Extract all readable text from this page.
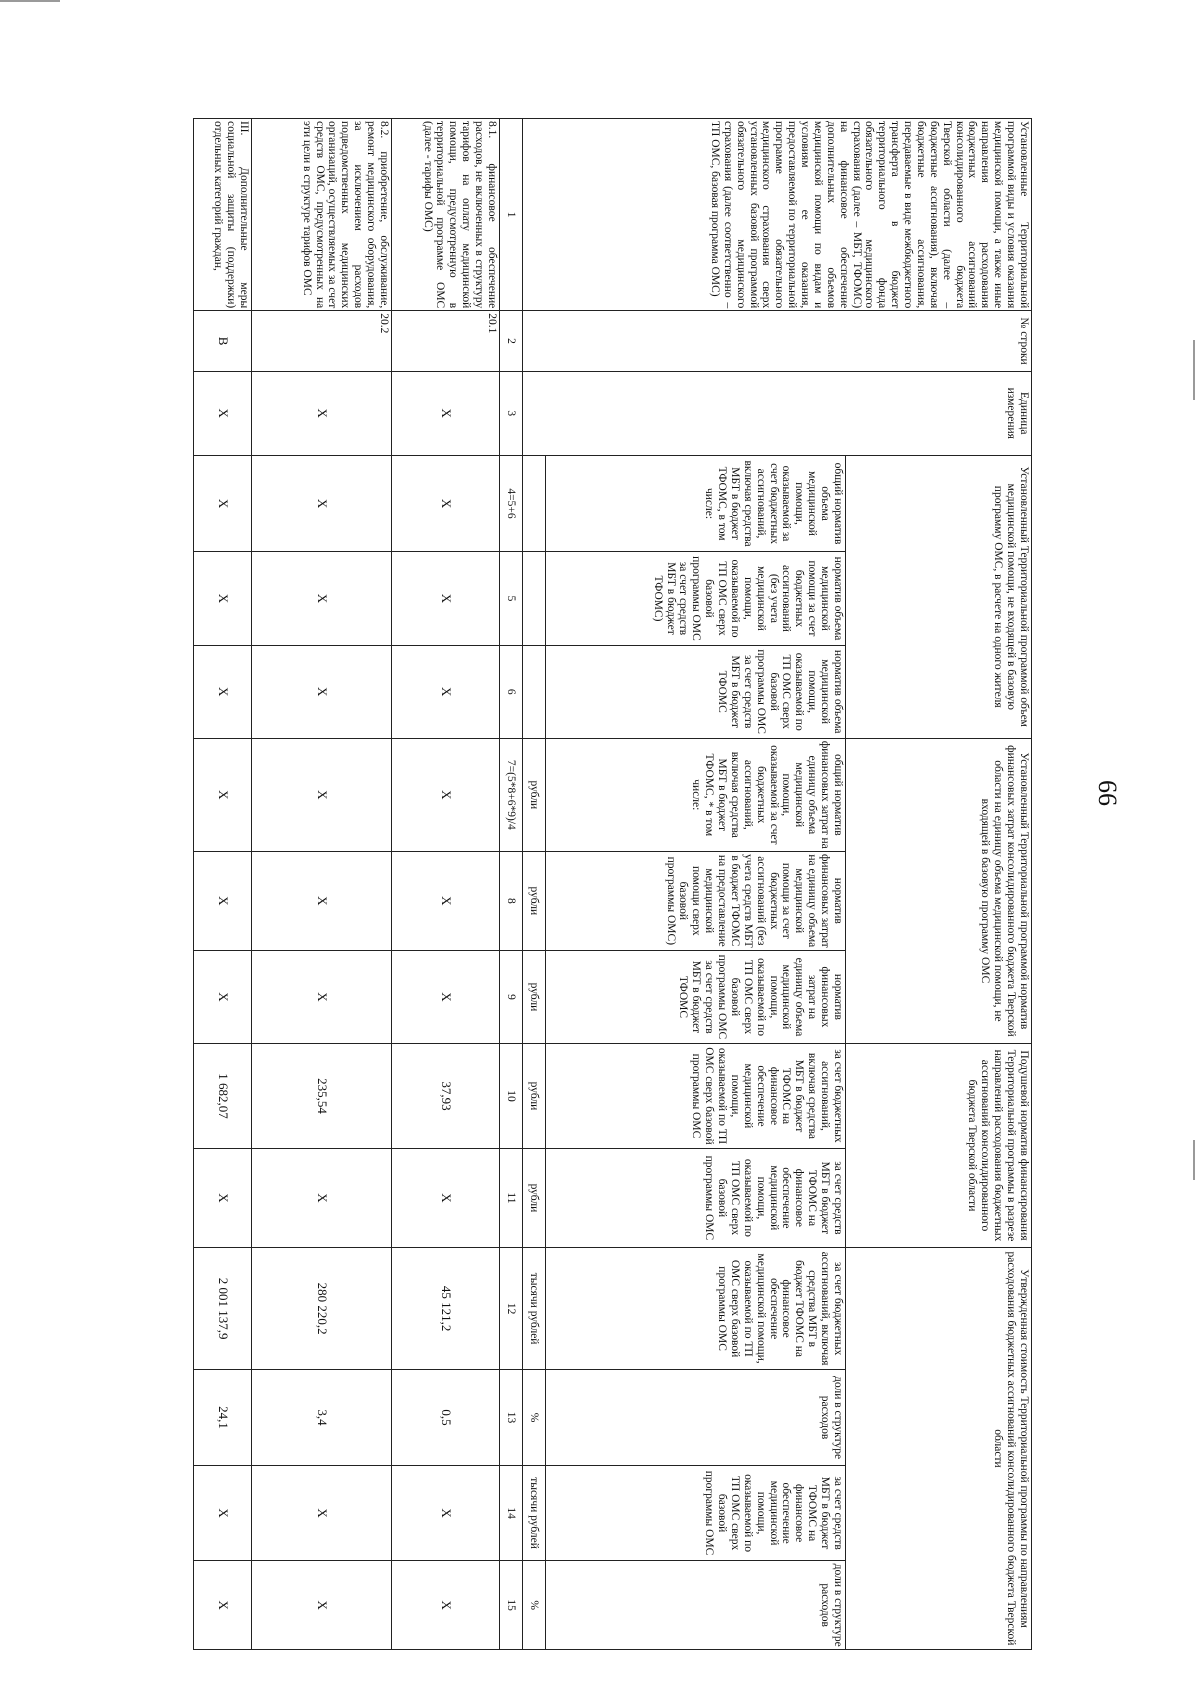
66
Установленные Территориальной программой виды и условия оказания медицинской помощи, а также иные направления расходования бюджетных ассигнований консолидированного бюджета Тверской области (далее – бюджетные ассигнования), включая бюджетные ассигнования, передаваемые в виде межбюджетного трансферта в бюджет территориального фонда обязательного медицинского страхования (далее – МБТ, ТФОМС) на финансовое обеспечение дополнительных объемов медицинской помощи по видам и условиям ее оказания, предоставляемой по территориальной программе обязательного медицинского страхования сверх установленных базовой программой обязательного медицинского страхования (далее соответственно – ТП ОМС, базовая программа ОМС)	№ строки	Единица измерения	Установленный Территориальной программой объем медицинской помощи, не входящей в базовую программу ОМС, в расчете на одного жителя			Установленный Территориальной программой норматив финансовых затрат консолидированного бюджета Тверской области на единицу объема медицинской помощи, не входящей в базовую программу ОМС			Подушевой норматив финансирования Территориальной программы в разрезе направлений расходования бюджетных ассигнований консолидированного бюджета Тверской области		Утвержденная стоимость Территориальной программы по направлениям расходования бюджетных ассигнований консолидированного бюджета Тверской области			
			общий норматив объема медицинской помощи, оказываемой за счет бюджетных ассигнований, включая средства МБТ в бюджет ТФОМС, в том числе:	норматив объема медицинской помощи за счет бюджетных ассигнований (без учета медицинской помощи, оказываемой по ТП ОМС сверх базовой программы ОМС за счет средств МБТ в бюджет ТФОМС)	норматив объема медицинской помощи, оказываемой по ТП ОМС сверх базовой программы ОМС за счет средств МБТ в бюджет ТФОМС	общий норматив финансовых затрат на единицу объема медицинской помощи, оказываемой за счет бюджетных ассигнований, включая средства МБТ в бюджет ТФОМС, * в том числе:	норматив финансовых затрат на единицу объема медицинской помощи за счет бюджетных ассигнований (без учета средств МБТ в бюджет ТФОМС на предоставление медицинской помощи сверх базовой программы ОМС)	норматив финансовых затрат на единицу объема медицинской помощи, оказываемой по ТП ОМС сверх базовой программы ОМС за счет средств МБТ в бюджет ТФОМС	за счет бюджетных ассигнований, включая средства МБТ в бюджет ТФОМС на финансовое обеспечение медицинской помощи, оказываемой по ТП ОМС сверх базовой программы ОМС	за счет средств МБТ в бюджет ТФОМС на финансовое обеспечение медицинской помощи, оказываемой по ТП ОМС сверх базовой программы ОМС	за счет бюджетных ассигнований, включая средства МБТ в бюджет ТФОМС на финансовое обеспечение медицинской помощи, оказываемой по ТП ОМС сверх базовой программы ОМС	доли в структуре расходов	за счет средств МБТ в бюджет ТФОМС на финансовое обеспечение медицинской помощи, оказываемой по ТП ОМС сверх базовой программы ОМС	доли в структуре расходов
						рубли	рубли	рубли	рубли	рубли	тысячи рублей	%	тысячи рублей	%
1	2	3	4=5+6	5	6	7=(5*8+6*9)/4	8	9	10	11	12	13	14	15
8.1. финансовое обеспечение расходов, не включенных в структуру тарифов на оплату медицинской помощи, предусмотренную в территориальной программе ОМС (далее - тарифы ОМС)	20.1	X	X	X	X	X	X	X	37,93	X	45 121,2	0,5	X	X
8.2. приобретение, обслуживание, ремонт медицинского оборудования, за исключением расходов подведомственных медицинских организаций, осуществляемых за счет средств ОМС, предусмотренных на эти цели в структуре тарифов ОМС	20.2	X	X	X	X	X	X	X	235,54	X	280 220,2	3,4	X	X
III. Дополнительные меры социальной защиты (поддержки) отдельных категорий граждан,	В	X	X	X	X	X	X	X	1 682,07	X	2 001 137,9	24,1	X	X
